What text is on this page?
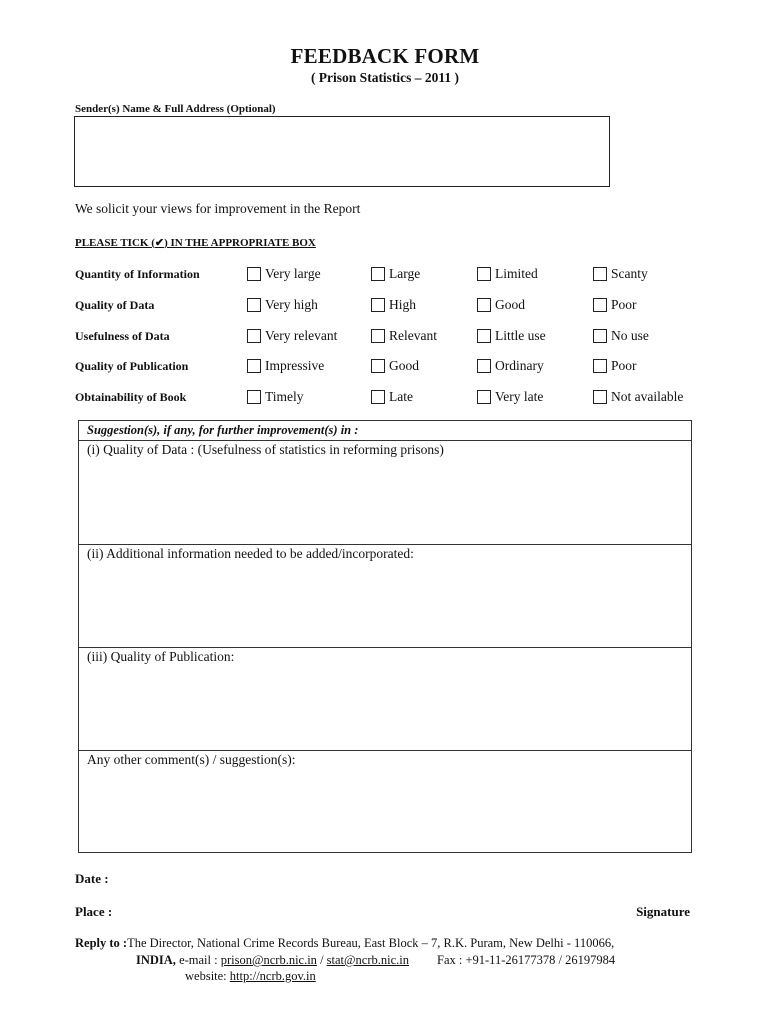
FEEDBACK FORM
( Prison Statistics – 2011 )
Sender(s) Name & Full Address (Optional)
We solicit your views for improvement in the Report
PLEASE TICK (✔) IN THE APPROPRIATE BOX
Quantity of Information	Very large	Large	Limited	Scanty
Quality of Data	Very high	High	Good	Poor
Usefulness of Data	Very relevant	Relevant	Little use	No use
Quality of Publication	Impressive	Good	Ordinary	Poor
Obtainability of Book	Timely	Late	Very late	Not available
Suggestion(s), if any, for further improvement(s) in :
(i) Quality of Data : (Usefulness of statistics in reforming prisons)
(ii) Additional information needed to be added/incorporated:
(iii) Quality of Publication:
Any other comment(s) / suggestion(s):
Date :
Place :	Signature
Reply to :The Director, National Crime Records Bureau, East Block – 7, R.K. Puram, New Delhi - 110066,
INDIA, e-mail : prison@ncrb.nic.in / stat@ncrb.nic.in Fax : +91-11-26177378 / 26197984
website: http://ncrb.gov.in
